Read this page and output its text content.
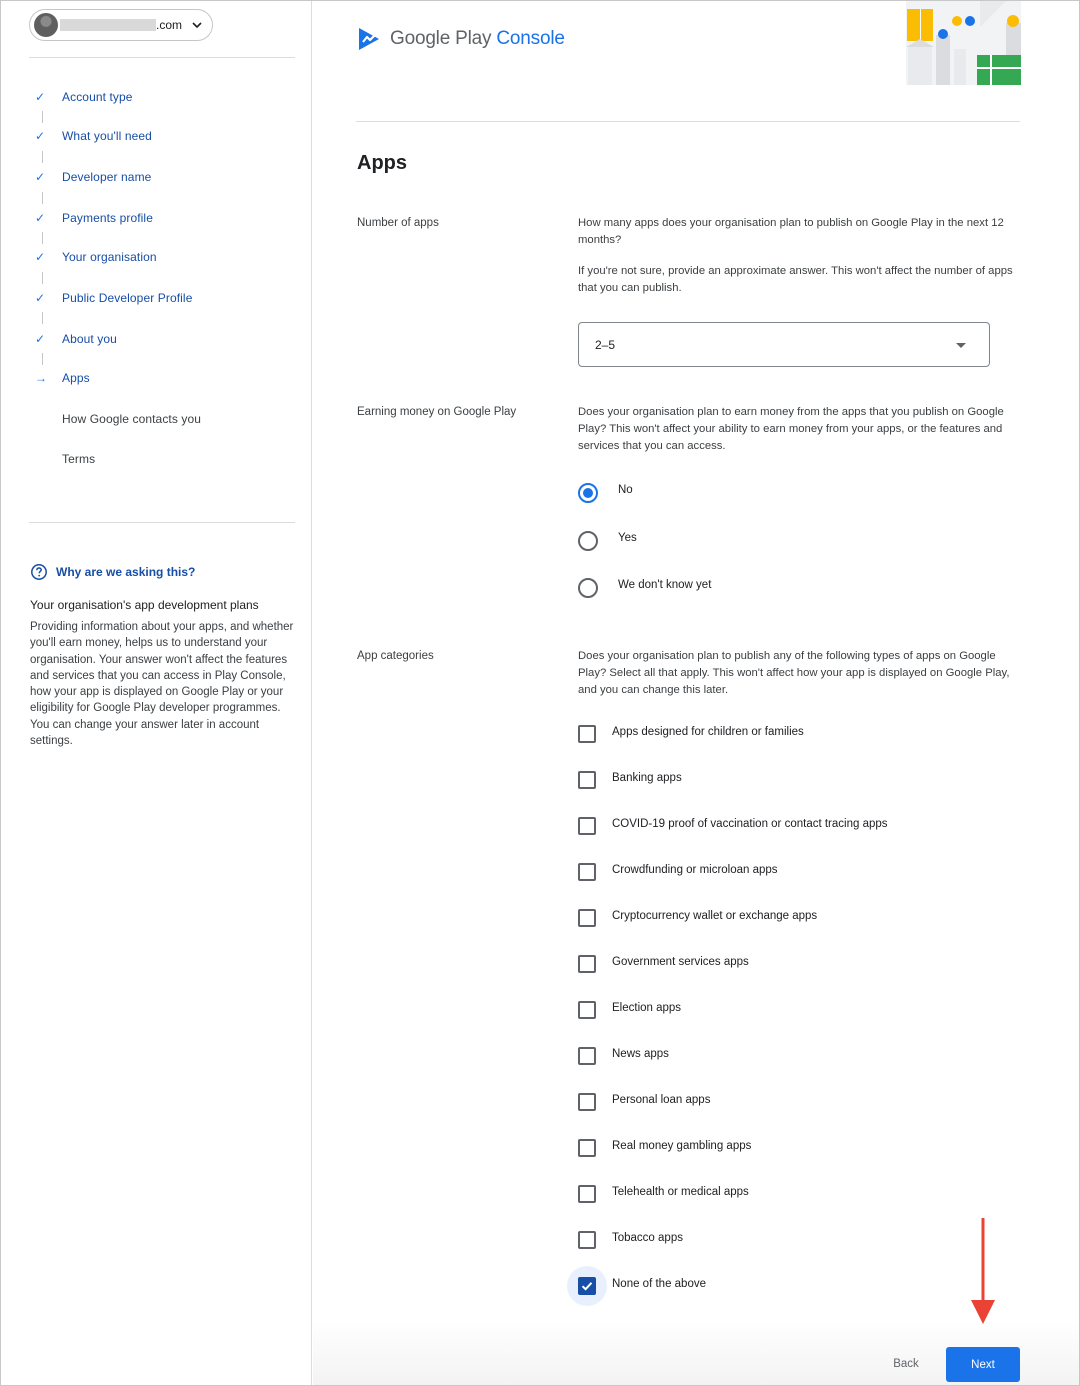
.com
✓	Account type
✓	What you'll need
✓	Developer name
✓	Payments profile
✓	Your organisation
✓	Public Developer Profile
✓	About you
→	Apps
How Google contacts you
Terms
Why are we asking this?
Your organisation's app development plans
Providing information about your apps, and whether you'll earn money, helps us to understand your organisation. Your answer won't affect the features and services that you can access in Play Console, how your app is displayed on Google Play or your eligibility for Google Play developer programmes. You can change your answer later in account settings.
Google Play Console
Apps
Number of apps	How many apps does your organisation plan to publish on Google Play in the next 12 months?
If you're not sure, provide an approximate answer. This won't affect the number of apps that you can publish.
2–5
Earning money on Google Play	Does your organisation plan to earn money from the apps that you publish on Google Play? This won't affect your ability to earn money from your apps, or the features and services that you can access.
No
Yes
We don't know yet
App categories	Does your organisation plan to publish any of the following types of apps on Google Play? Select all that apply. This won't affect how your app is displayed on Google Play, and you can change this later.
Apps designed for children or families
Banking apps
COVID-19 proof of vaccination or contact tracing apps
Crowdfunding or microloan apps
Cryptocurrency wallet or exchange apps
Government services apps
Election apps
News apps
Personal loan apps
Real money gambling apps
Telehealth or medical apps
Tobacco apps
None of the above
Back	Next
